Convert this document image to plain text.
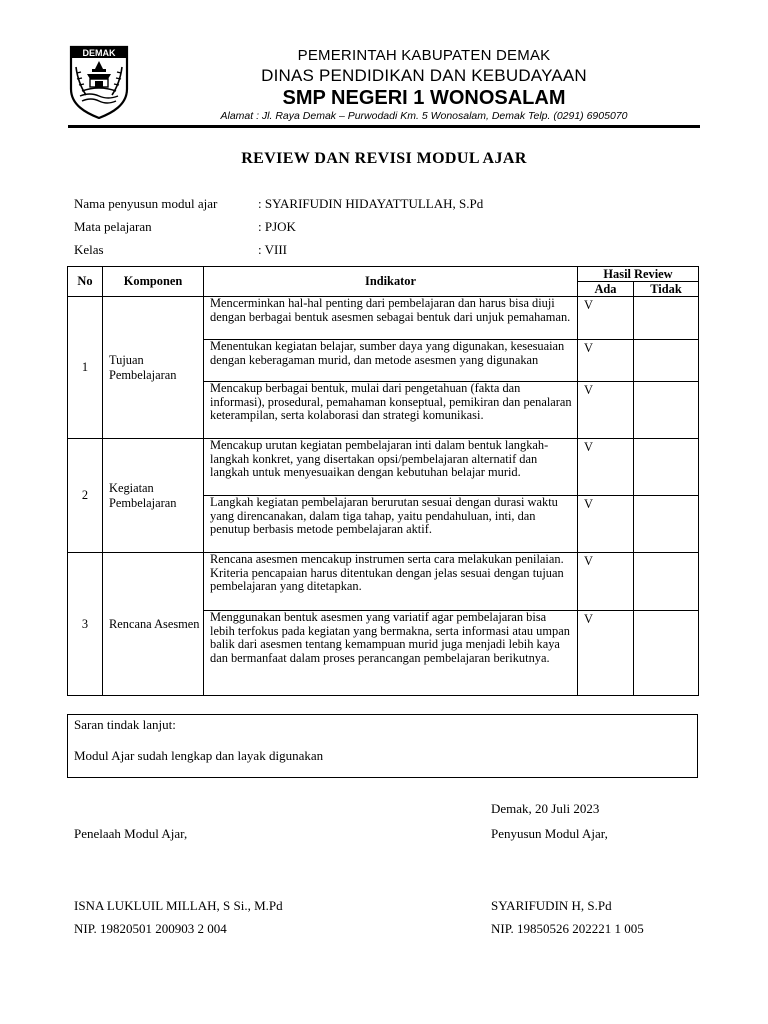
DEMAK	PEMERINTAH KABUPATEN DEMAK
DINAS PENDIDIKAN DAN KEBUDAYAAN
SMP NEGERI 1 WONOSALAM
Alamat : Jl. Raya Demak – Purwodadi Km. 5 Wonosalam, Demak Telp. (0291) 6905070
REVIEW DAN REVISI MODUL AJAR
Nama penyusun modul ajar	: SYARIFUDIN HIDAYATTULLAH, S.Pd
Mata pelajaran	: PJOK
Kelas	: VIII
No	Komponen	Indikator	Hasil Review	
			Ada	Tidak
1	Tujuan Pembelajaran	Mencerminkan hal-hal penting dari pembelajaran dan harus bisa diuji dengan berbagai bentuk asesmen sebagai bentuk dari unjuk pemahaman.	V	
		Menentukan kegiatan belajar, sumber daya yang digunakan, kesesuaian dengan keberagaman murid, dan metode asesmen yang digunakan	V	
		Mencakup berbagai bentuk, mulai dari pengetahuan (fakta dan informasi), prosedural, pemahaman konseptual, pemikiran dan penalaran keterampilan, serta kolaborasi dan strategi komunikasi.	V	
2	Kegiatan Pembelajaran	Mencakup urutan kegiatan pembelajaran inti dalam bentuk langkah-langkah konkret, yang disertakan opsi/pembelajaran alternatif dan langkah untuk menyesuaikan dengan kebutuhan belajar murid.	V	
		Langkah kegiatan pembelajaran berurutan sesuai dengan durasi waktu yang direncanakan, dalam tiga tahap, yaitu pendahuluan, inti, dan penutup berbasis metode pembelajaran aktif.	V	
3	Rencana Asesmen	Rencana asesmen mencakup instrumen serta cara melakukan penilaian. Kriteria pencapaian harus ditentukan dengan jelas sesuai dengan tujuan pembelajaran yang ditetapkan.	V	
		Menggunakan bentuk asesmen yang variatif agar pembelajaran bisa lebih terfokus pada kegiatan yang bermakna, serta informasi atau umpan balik dari asesmen tentang kemampuan murid juga menjadi lebih kaya dan bermanfaat dalam proses perancangan pembelajaran berikutnya.	V	
Saran tindak lanjut:
Modul Ajar sudah lengkap dan layak digunakan
Demak, 20 Juli 2023
Penelaah Modul Ajar,	Penyusun Modul Ajar,
ISNA LUKLUIL MILLAH, S Si., M.Pd	SYARIFUDIN H, S.Pd
NIP. 19820501 200903 2 004	NIP. 19850526 202221 1 005
